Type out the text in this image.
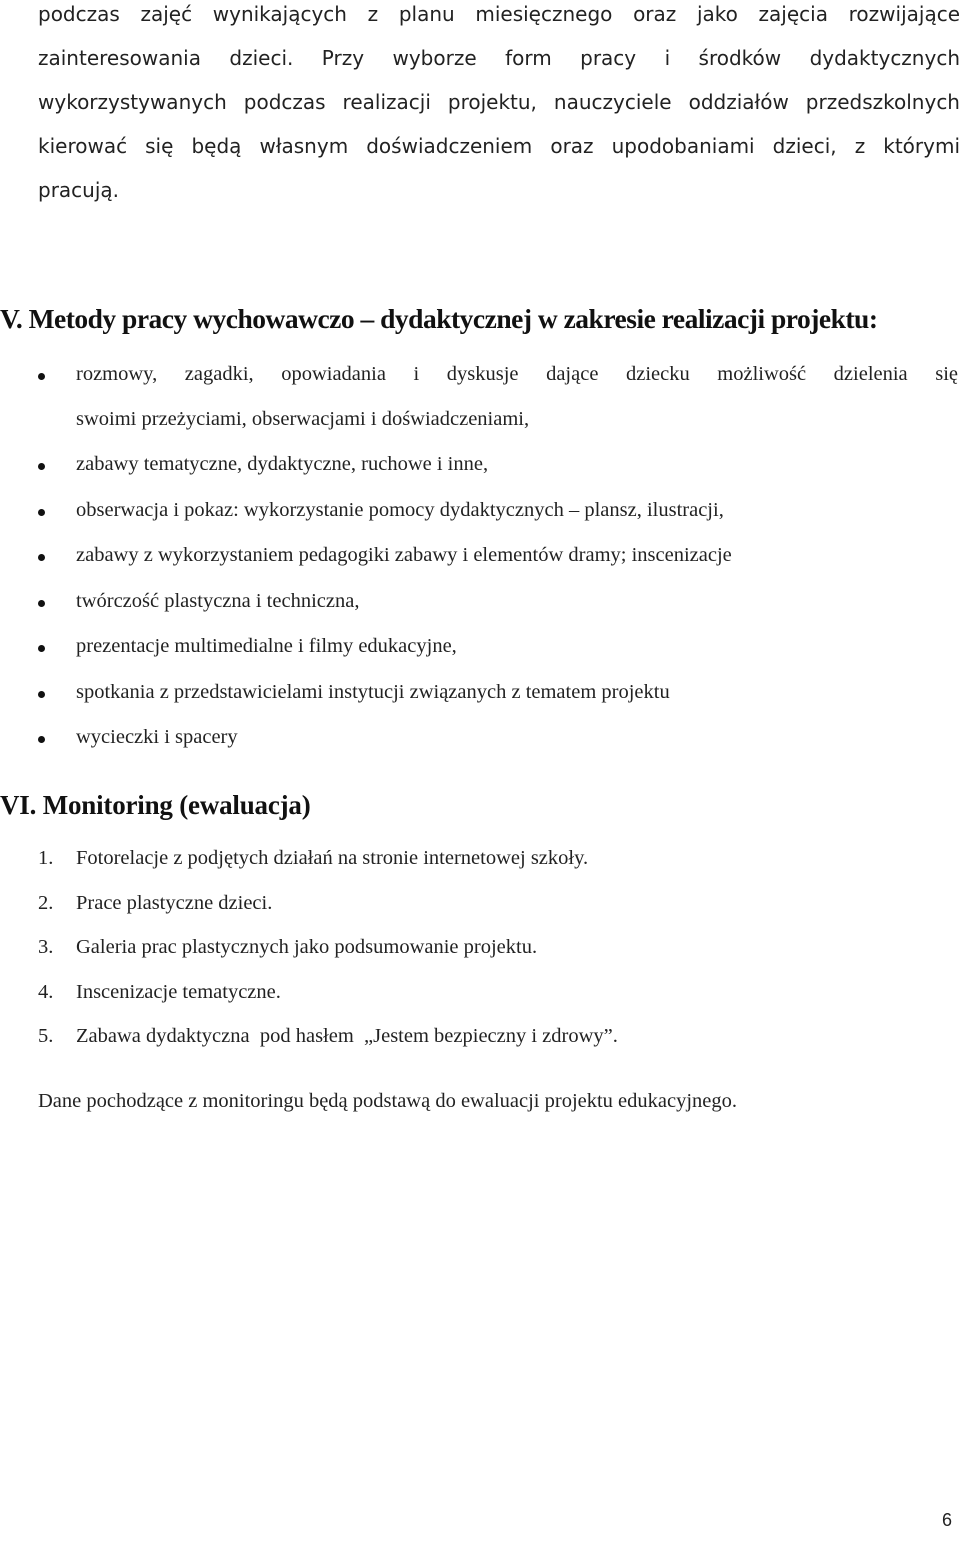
podczas zajęć wynikających z planu miesięcznego oraz jako zajęcia rozwijające
zainteresowania dzieci. Przy wyborze form pracy i środków dydaktycznych
wykorzystywanych podczas realizacji projektu, nauczyciele oddziałów przedszkolnych
kierować się będą własnym doświadczeniem oraz upodobaniami dzieci, z którymi
pracują.
V. Metody pracy wychowawczo – dydaktycznej w zakresie realizacji projektu:
rozmowy, zagadki, opowiadania i dyskusje dające dziecku możliwość dzielenia się
swoimi przeżyciami, obserwacjami i doświadczeniami,
zabawy tematyczne, dydaktyczne, ruchowe i inne,
obserwacja i pokaz: wykorzystanie pomocy dydaktycznych – plansz, ilustracji,
zabawy z wykorzystaniem pedagogiki zabawy i elementów dramy; inscenizacje
twórczość plastyczna i techniczna,
prezentacje multimedialne i filmy edukacyjne,
spotkania z przedstawicielami instytucji związanych z tematem projektu
wycieczki i spacery
VI. Monitoring (ewaluacja)
1. Fotorelacje z podjętych działań na stronie internetowej szkoły.
2. Prace plastyczne dzieci.
3. Galeria prac plastycznych jako podsumowanie projektu.
4. Inscenizacje tematyczne.
5. Zabawa dydaktyczna  pod hasłem  „Jestem bezpieczny i zdrowy”.

Dane pochodzące z monitoringu będą podstawą do ewaluacji projektu edukacyjnego.

6
